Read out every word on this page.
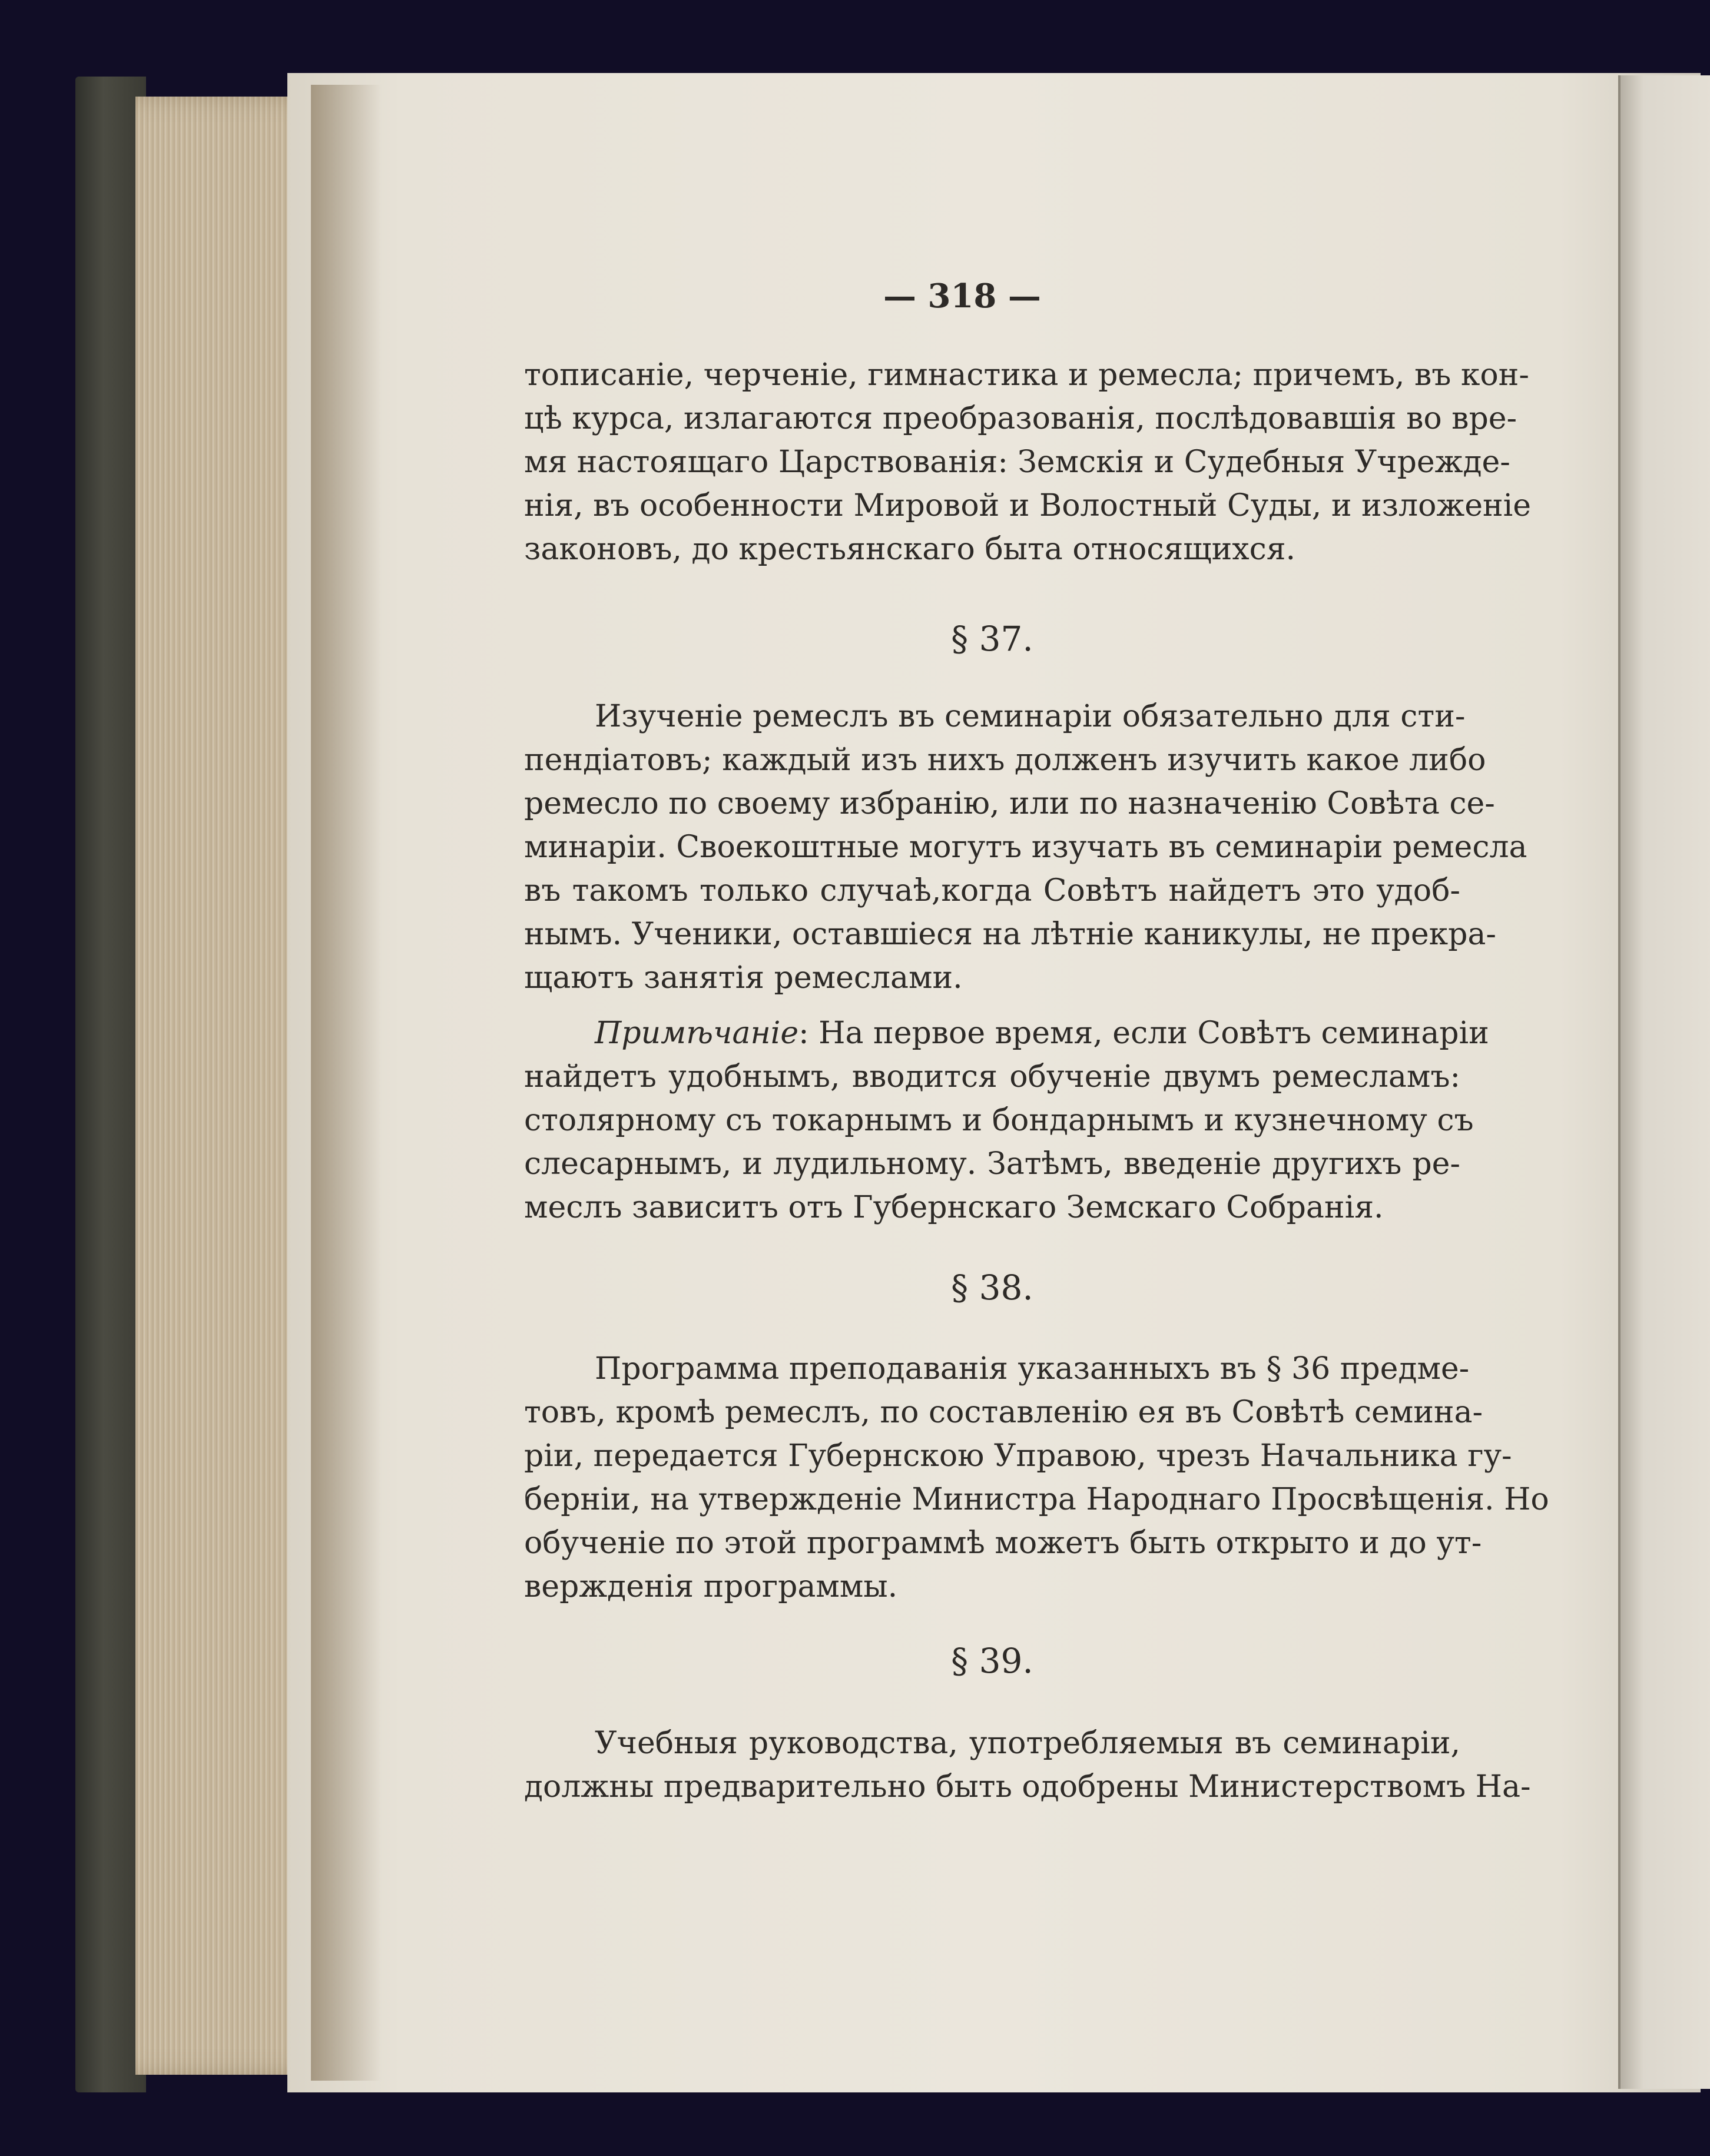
— 318 —
тописаніе, черченіе, гимнастика и ремесла; причемъ, въ кон-
цѣ курса, излагаются преобразованія, послѣдовавшія во вре-
мя настоящаго Царствованія: Земскія и Судебныя Учрежде-
нія, въ особенности Мировой и Волостный Суды, и изложеніе
законовъ, до крестьянскаго быта относящихся.
§ 37.
Изученіе ремеслъ въ семинаріи обязательно для сти-
пендіатовъ; каждый изъ нихъ долженъ изучить какое либо
ремесло по своему избранію, или по назначенію Совѣта се-
минаріи. Своекоштные могутъ изучать въ семинаріи ремесла
въ такомъ только случаѣ,когда Совѣтъ найдетъ это удоб-
нымъ. Ученики, оставшіеся на лѣтніе каникулы, не прекра-
щаютъ занятія ремеслами.
Примѣчаніе: На первое время, если Совѣтъ семинаріи
найдетъ удобнымъ, вводится обученіе двумъ ремесламъ:
столярному съ токарнымъ и бондарнымъ и кузнечному съ
слесарнымъ, и лудильному. Затѣмъ, введеніе другихъ ре-
меслъ зависитъ отъ Губернскаго Земскаго Собранія.
§ 38.
Программа преподаванія указанныхъ въ § 36 предме-
товъ, кромѣ ремеслъ, по составленію ея въ Совѣтѣ семина-
ріи, передается Губернскою Управою, чрезъ Начальника гу-
берніи, на утвержденіе Министра Народнаго Просвѣщенія. Но
обученіе по этой программѣ можетъ быть открыто и до ут-
вержденія программы.
§ 39.
Учебныя руководства, употребляемыя въ семинаріи,
должны предварительно быть одобрены Министерствомъ На-
